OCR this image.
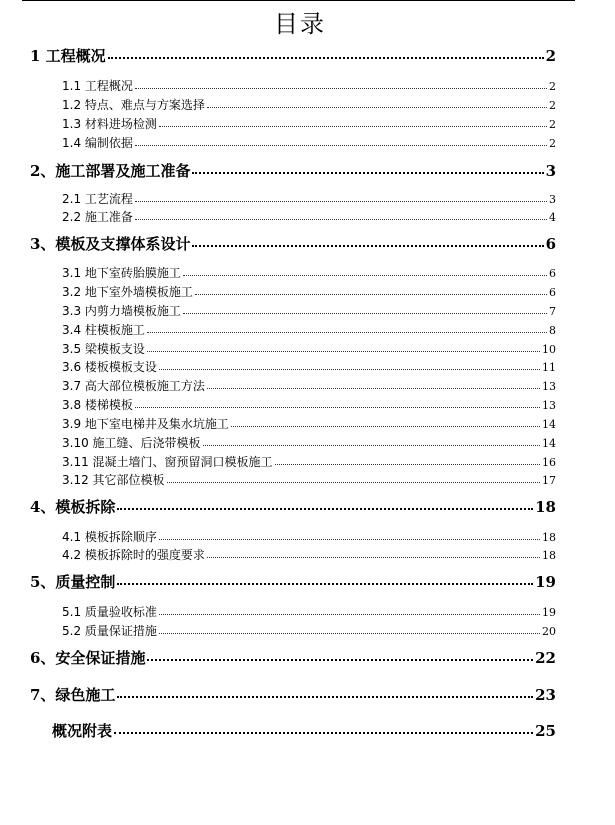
目录
1 工程概况	2
1.1 工程概况	2
1.2 特点、难点与方案选择	2
1.3 材料进场检测	2
1.4 编制依据	2
2、施工部署及施工准备	3
2.1 工艺流程	3
2.2 施工准备	4
3、模板及支撑体系设计	6
3.1 地下室砖胎膜施工	6
3.2 地下室外墙模板施工	6
3.3 内剪力墙模板施工	7
3.4 柱模板施工	8
3.5 梁模板支设	10
3.6 楼板模板支设	11
3.7 高大部位模板施工方法	13
3.8 楼梯模板	13
3.9 地下室电梯井及集水坑施工	14
3.10 施工缝、后浇带模板	14
3.11 混凝土墙门、窗预留洞口模板施工	16
3.12 其它部位模板	17
4、模板拆除	18
4.1 模板拆除顺序	18
4.2 模板拆除时的强度要求	18
5、质量控制	19
5.1 质量验收标准	19
5.2 质量保证措施	20
6、安全保证措施	22
7、绿色施工	23
概况附表	25
